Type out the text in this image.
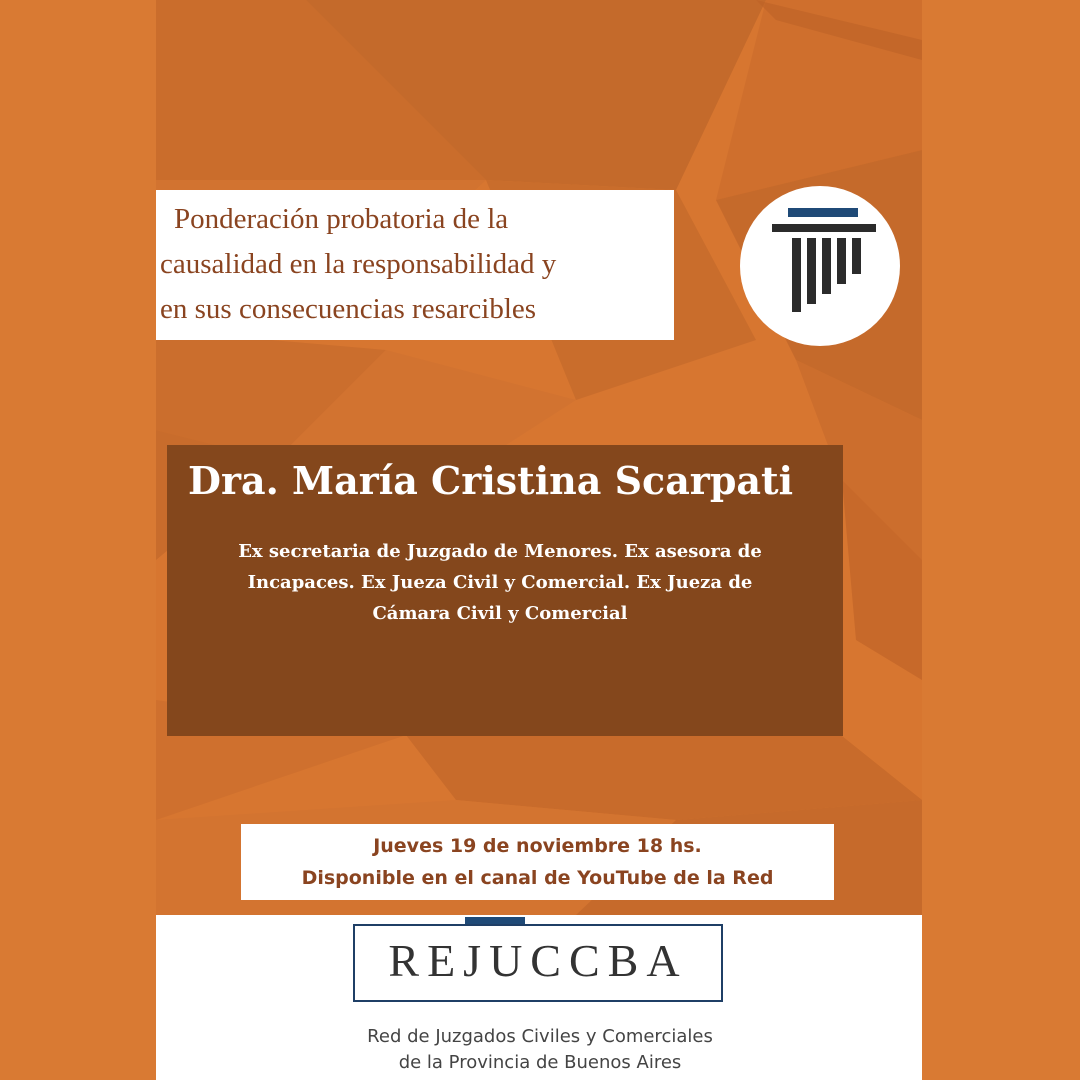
Ponderación probatoria de la
causalidad en la responsabilidad y
en sus consecuencias resarcibles
Dra. María Cristina Scarpati
Ex secretaria de Juzgado de Menores. Ex asesora de
Incapaces. Ex Jueza Civil y Comercial. Ex Jueza de
Cámara Civil y Comercial
Jueves 19 de noviembre 18 hs.
Disponible en el canal de YouTube de la Red
REJUCCBA
Red de Juzgados Civiles y Comerciales
de la Provincia de Buenos Aires
